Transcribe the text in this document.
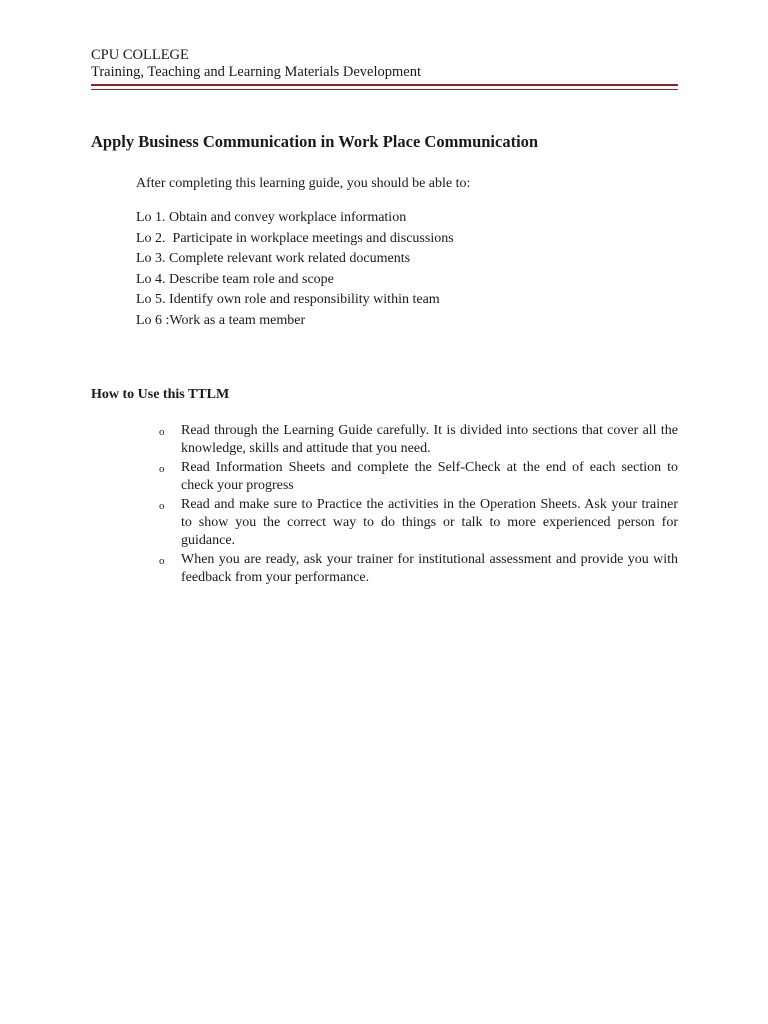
CPU COLLEGE

Training, Teaching and Learning Materials Development

Apply Business Communication in Work Place Communication

After completing this learning guide, you should be able to:

Lo 1. Obtain and convey workplace information
Lo 2.  Participate in workplace meetings and discussions
Lo 3. Complete relevant work related documents
Lo 4. Describe team role and scope
Lo 5. Identify own role and responsibility within team
Lo 6 :Work as a team member
How to Use this TTLM
o Read through the Learning Guide carefully. It is divided into sections that cover all the knowledge, skills and attitude that you need.
o Read Information Sheets and complete the Self-Check at the end of each section to check your progress
o Read and make sure to Practice the activities in the Operation Sheets. Ask your trainer to show you the correct way to do things or talk to more experienced person for guidance.
o When you are ready, ask your trainer for institutional assessment and provide you with feedback from your performance.
